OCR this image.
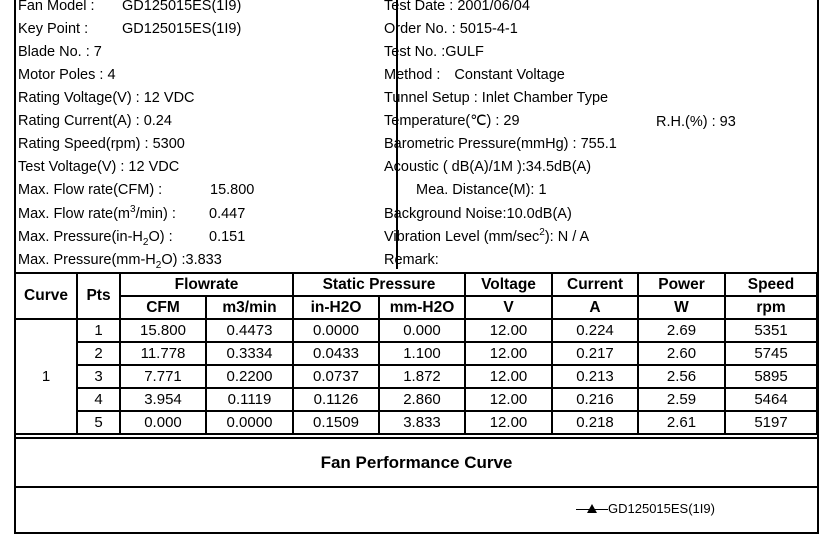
Fan Model : GD125015ES(1I9)
Key Point : GD125015ES(1I9)
Blade No. : 7
Motor Poles : 4
Rating Voltage(V) : 12 VDC
Rating Current(A) : 0.24
Rating Speed(rpm) : 5300
Test Voltage(V) : 12 VDC
Max. Flow rate(CFM) :	15.800
Max. Flow $rate(m^3/\min)$ : 0.447
Max. $Pressure(in-H_2O)$ :	0.151
Max. $Pressure(mm-H_2O)$ :3.833
Test Date : 2001/06/04
Order No. : 5015-4-1
Test No. :GULF
Method : Constant Voltage
Tunnel Setup : Inlet Chamber Type
Temperature(℃) : 29	R.H.(%) : 93
Barometric Pressure(mmHg) : 755.1
Acoustic ( dB(A)/1M ):34.5dB(A)
Mea. Distance(M): 1
Background Noise:10.0dB(A)
Vibration Level $(mm/\sec^2)$: N / A
Remark:
Curve	Pts	Flowrate		Static Pressure		Voltage	Current	Power	Speed
		CFM	m3/min	in-H2O	mm-H2O	V	A	W	rpm
1	1	15.800	0.4473	0.0000	0.000	12.00	0.224	2.69	5351
	2	11.778	0.3334	0.0433	1.100	12.00	0.217	2.60	5745
	3	7.771	0.2200	0.0737	1.872	12.00	0.213	2.56	5895
	4	3.954	0.1119	0.1126	2.860	12.00	0.216	2.59	5464
	5	0.000	0.0000	0.1509	3.833	12.00	0.218	2.61	5197
Fan Performance Curve
GD125015ES(1I9)
